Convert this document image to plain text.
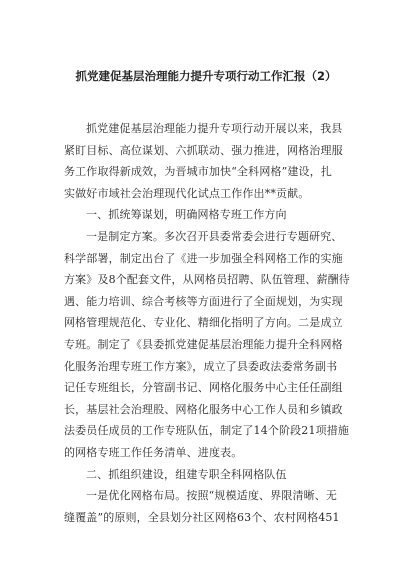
抓党建促基层治理能力提升专项行动工作汇报（2）
抓党建促基层治理能力提升专项行动开展以来，我县
紧盯目标、高位谋划、六抓联动、强力推进，网格治理服
务工作取得新成效，为晋城市加快“全科网格”建设，扎
实做好市域社会治理现代化试点工作作出**贡献。
一、抓统筹谋划，明确网格专班工作方向
一是制定方案。多次召开县委常委会进行专题研究、
科学部署，制定出台了《进一步加强全科网格工作的实施
方案》及8个配套文件，从网格员招聘、队伍管理、薪酬待
遇、能力培训、综合考核等方面进行了全面规划，为实现
网格管理规范化、专业化、精细化指明了方向。二是成立
专班。制定了《县委抓党建促基层治理能力提升全科网格
化服务治理专班工作方案》，成立了县委政法委常务副书
记任专班组长，分管副书记、网格化服务中心主任任副组
长，基层社会治理股、网格化服务中心工作人员和乡镇政
法委员任成员的工作专班队伍，制定了14个阶段21项措施
的网格专班工作任务清单、进度表。
二、抓组织建设，组建专职全科网格队伍
一是优化网格布局。按照“规模适度、界限清晰、无
缝覆盖”的原则，全县划分社区网格63个、农村网格451
